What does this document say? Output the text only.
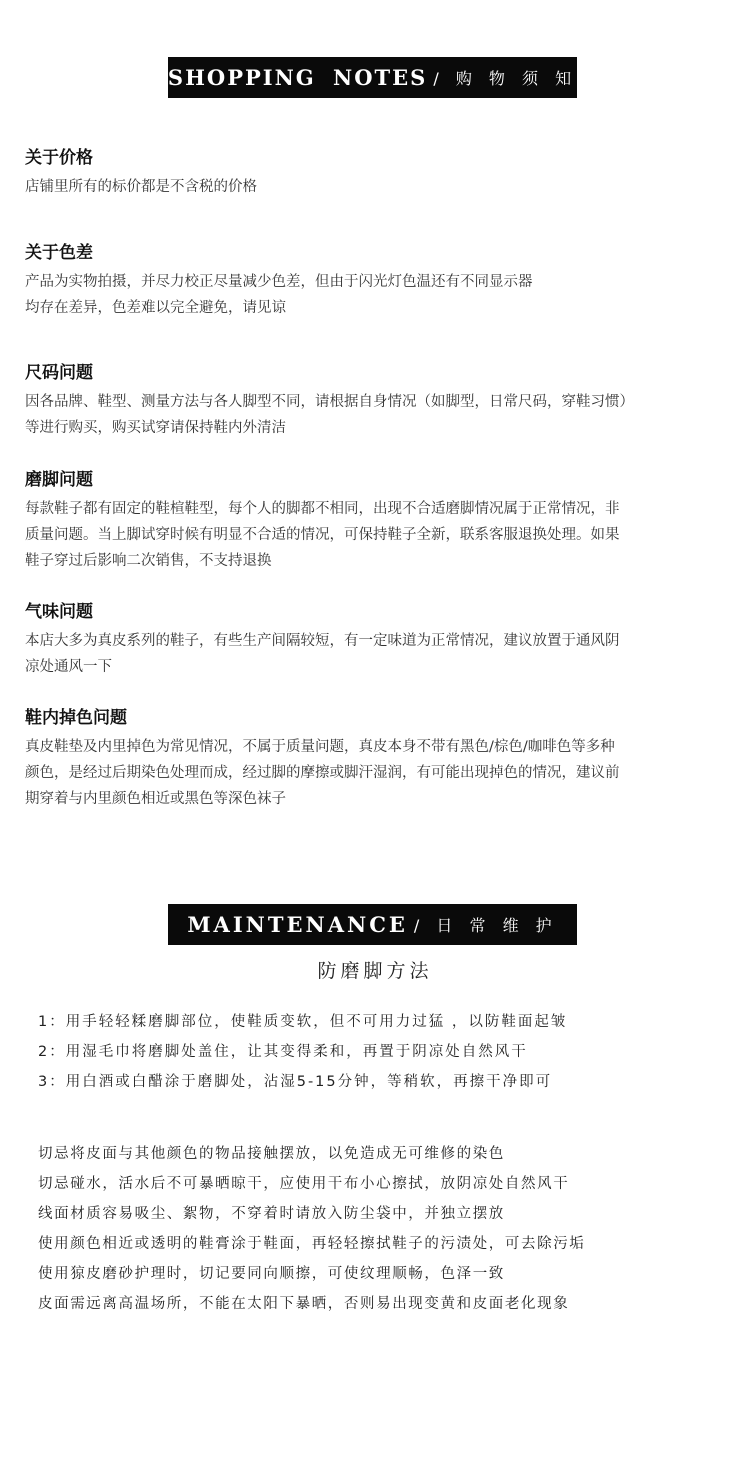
SHOPPING NOTES / 购 物 须 知
关于价格

店铺里所有的标价都是不含税的价格

关于色差

产品为实物拍摄，并尽力校正尽量减少色差，但由于闪光灯色温还有不同显示器

均存在差异，色差难以完全避免，请见谅

尺码问题

因各品牌、鞋型、测量方法与各人脚型不同，请根据自身情况（如脚型，日常尺码，穿鞋习惯）

等进行购买，购买试穿请保持鞋内外清洁

磨脚问题

每款鞋子都有固定的鞋楦鞋型，每个人的脚都不相同，出现不合适磨脚情况属于正常情况，非

质量问题。当上脚试穿时候有明显不合适的情况，可保持鞋子全新，联系客服退换处理。如果

鞋子穿过后影响二次销售，不支持退换

气味问题

本店大多为真皮系列的鞋子，有些生产间隔较短，有一定味道为正常情况，建议放置于通风阴

凉处通风一下

鞋内掉色问题

真皮鞋垫及内里掉色为常见情况，不属于质量问题，真皮本身不带有黑色/棕色/咖啡色等多种

颜色，是经过后期染色处理而成，经过脚的摩擦或脚汗湿润，有可能出现掉色的情况，建议前

期穿着与内里颜色相近或黑色等深色袜子

MAINTENANCE / 日 常 维 护
防磨脚方法

1：用手轻轻糅磨脚部位，使鞋质变软，但不可用力过猛 ，以防鞋面起皱

2：用湿毛巾将磨脚处盖住，让其变得柔和，再置于阴凉处自然风干

3：用白酒或白醋涂于磨脚处，沾湿5-15分钟，等稍软，再擦干净即可

切忌将皮面与其他颜色的物品接触摆放，以免造成无可维修的染色

切忌碰水，活水后不可暴晒晾干，应使用干布小心擦拭，放阴凉处自然风干

线面材质容易吸尘、絮物，不穿着时请放入防尘袋中，并独立摆放

使用颜色相近或透明的鞋膏涂于鞋面，再轻轻擦拭鞋子的污渍处，可去除污垢

使用猄皮磨砂护理时，切记要同向顺擦，可使纹理顺畅，色泽一致

皮面需远离高温场所，不能在太阳下暴晒，否则易出现变黄和皮面老化现象
